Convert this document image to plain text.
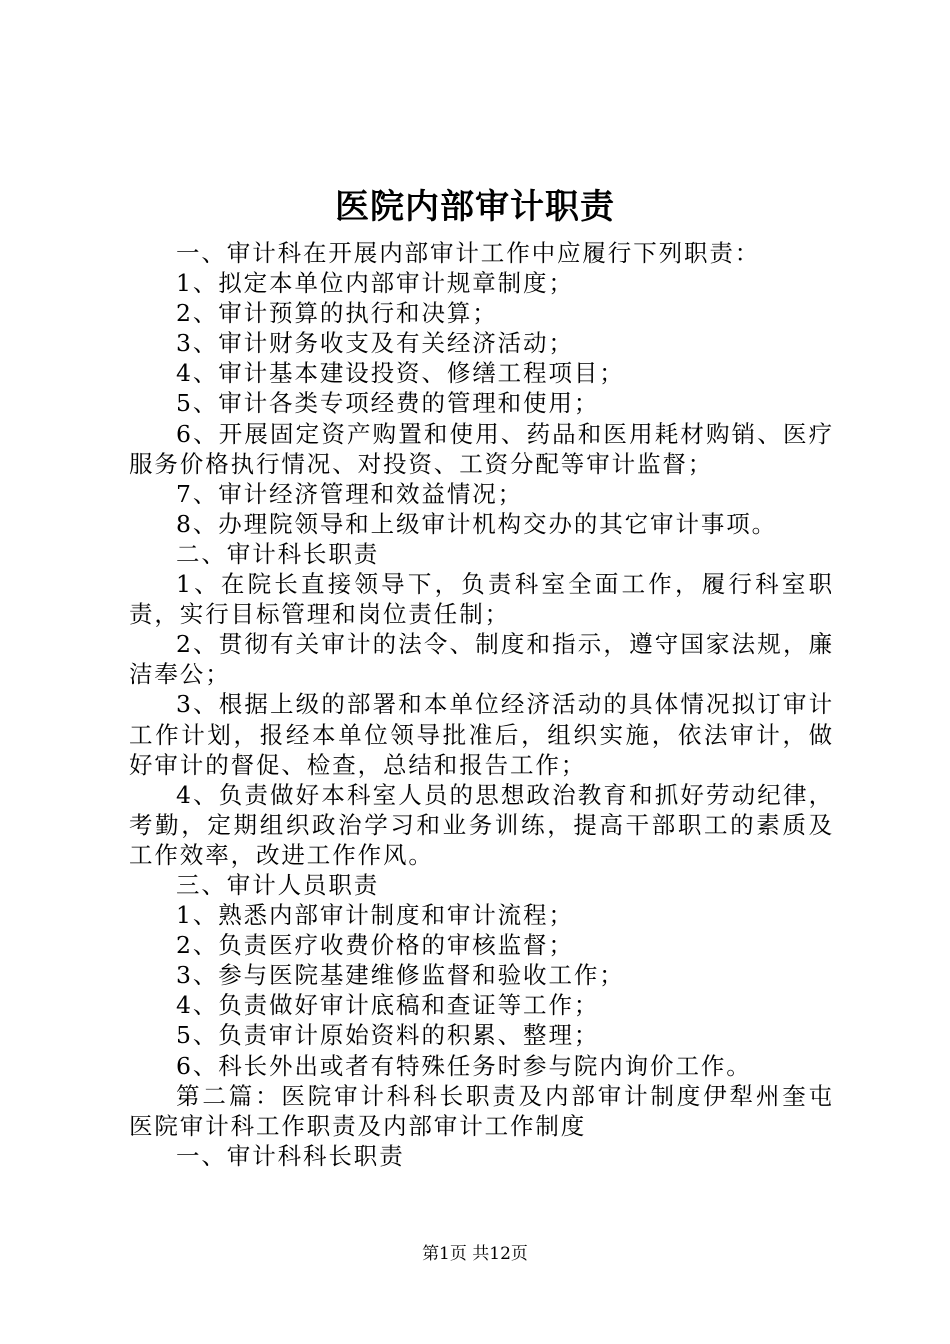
医院内部审计职责

一、审计科在开展内部审计工作中应履行下列职责：

1、拟定本单位内部审计规章制度；

2、审计预算的执行和决算；

3、审计财务收支及有关经济活动；

4、审计基本建设投资、修缮工程项目；

5、审计各类专项经费的管理和使用；

6、开展固定资产购置和使用、药品和医用耗材购销、医疗服务价格执行情况、对投资、工资分配等审计监督；

7、审计经济管理和效益情况；

8、办理院领导和上级审计机构交办的其它审计事项。

二、审计科长职责

1、在院长直接领导下，负责科室全面工作，履行科室职责，实行目标管理和岗位责任制；

2、贯彻有关审计的法令、制度和指示，遵守国家法规，廉洁奉公；

3、根据上级的部署和本单位经济活动的具体情况拟订审计工作计划，报经本单位领导批准后，组织实施，依法审计，做好审计的督促、检查，总结和报告工作；

4、负责做好本科室人员的思想政治教育和抓好劳动纪律，考勤，定期组织政治学习和业务训练，提高干部职工的素质及工作效率，改进工作作风。

三、审计人员职责

1、熟悉内部审计制度和审计流程；

2、负责医疗收费价格的审核监督；

3、参与医院基建维修监督和验收工作；

4、负责做好审计底稿和查证等工作；

5、负责审计原始资料的积累、整理；

6、科长外出或者有特殊任务时参与院内询价工作。

第二篇：医院审计科科长职责及内部审计制度伊犁州奎屯医院审计科工作职责及内部审计工作制度

一、审计科科长职责

第1页 共12页
